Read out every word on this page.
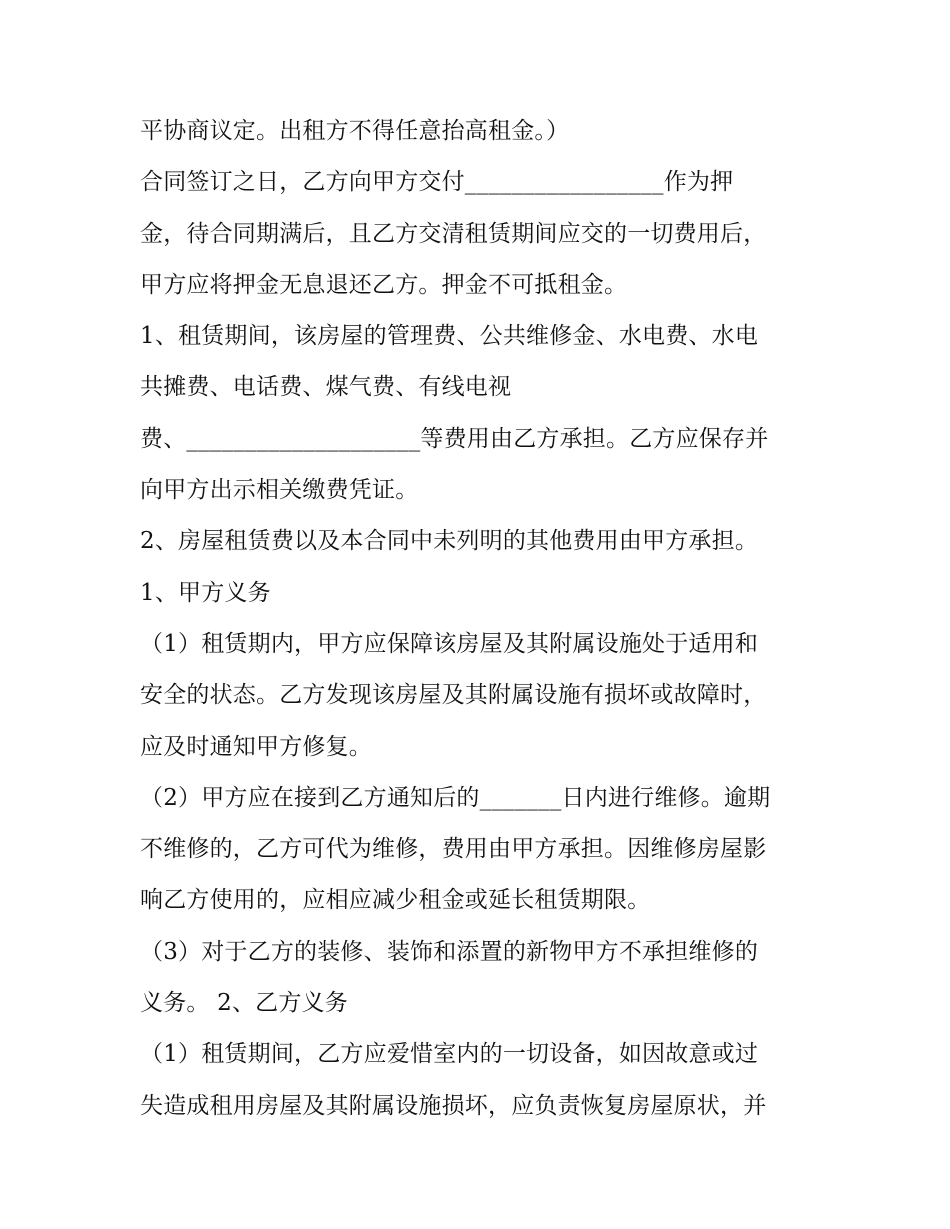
平协商议定。出租方不得任意抬高租金。）
合同签订之日，乙方向甲方交付_________________作为押
金，待合同期满后，且乙方交清租赁期间应交的一切费用后，
甲方应将押金无息退还乙方。押金不可抵租金。
1、租赁期间，该房屋的管理费、公共维修金、水电费、水电
共摊费、电话费、煤气费、有线电视
费、____________________等费用由乙方承担。乙方应保存并
向甲方出示相关缴费凭证。
2、房屋租赁费以及本合同中未列明的其他费用由甲方承担。
1、甲方义务
（1）租赁期内，甲方应保障该房屋及其附属设施处于适用和
安全的状态。乙方发现该房屋及其附属设施有损坏或故障时，
应及时通知甲方修复。
（2）甲方应在接到乙方通知后的_______日内进行维修。逾期
不维修的，乙方可代为维修，费用由甲方承担。因维修房屋影
响乙方使用的，应相应减少租金或延长租赁期限。
（3）对于乙方的装修、装饰和添置的新物甲方不承担维修的
义务。 2、乙方义务
（1）租赁期间，乙方应爱惜室内的一切设备，如因故意或过
失造成租用房屋及其附属设施损坏，应负责恢复房屋原状，并
